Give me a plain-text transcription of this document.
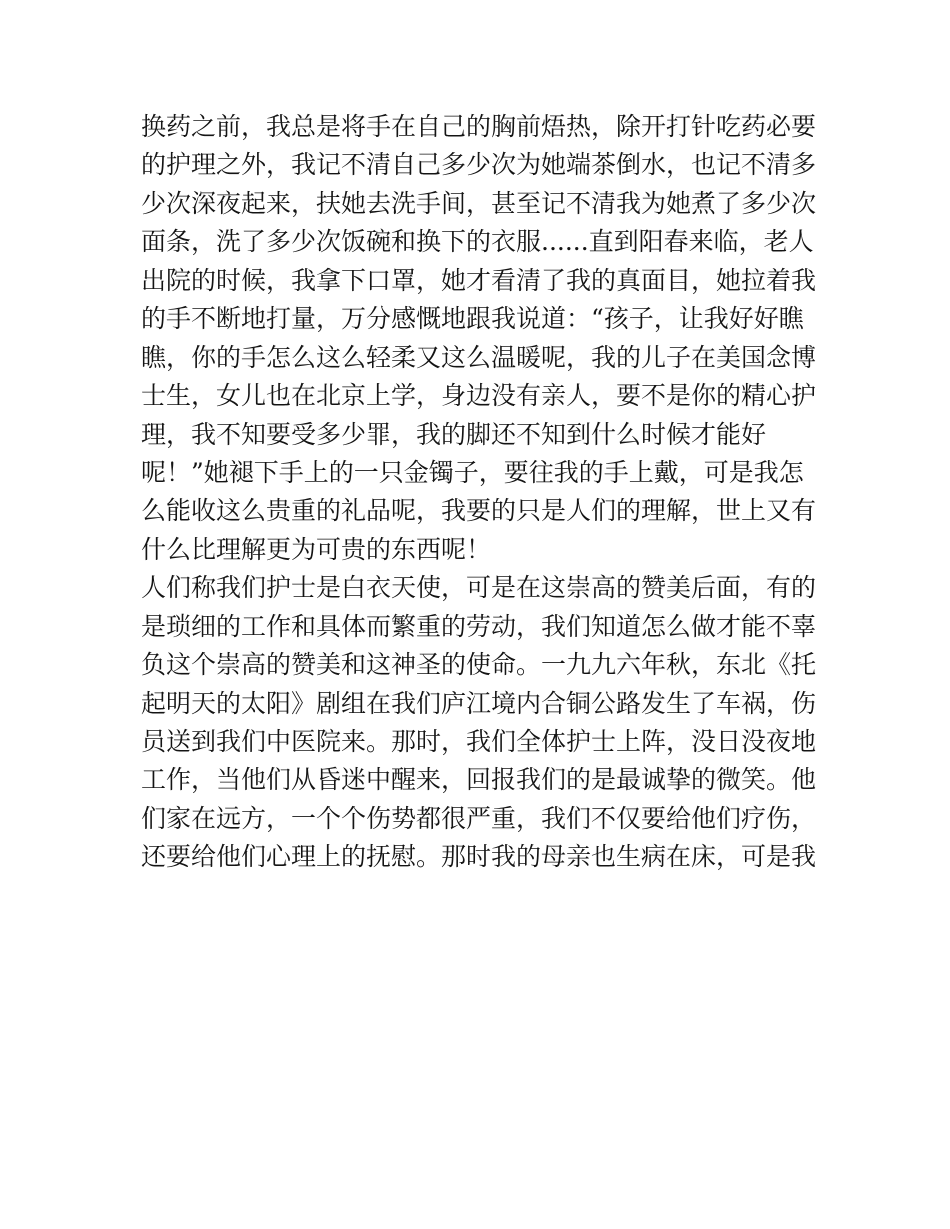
换药之前，我总是将手在自己的胸前焐热，除开打针吃药必要
的护理之外，我记不清自己多少次为她端茶倒水，也记不清多
少次深夜起来，扶她去洗手间，甚至记不清我为她煮了多少次
面条，洗了多少次饭碗和换下的衣服......直到阳春来临，老人
出院的时候，我拿下口罩，她才看清了我的真面目，她拉着我
的手不断地打量，万分感慨地跟我说道：“孩子，让我好好瞧
瞧，你的手怎么这么轻柔又这么温暖呢，我的儿子在美国念博
士生，女儿也在北京上学，身边没有亲人，要不是你的精心护
理，我不知要受多少罪，我的脚还不知到什么时候才能好
呢！”她褪下手上的一只金镯子，要往我的手上戴，可是我怎
么能收这么贵重的礼品呢，我要的只是人们的理解，世上又有
什么比理解更为可贵的东西呢！
人们称我们护士是白衣天使，可是在这崇高的赞美后面，有的
是琐细的工作和具体而繁重的劳动，我们知道怎么做才能不辜
负这个崇高的赞美和这神圣的使命。一九九六年秋，东北《托
起明天的太阳》剧组在我们庐江境内合铜公路发生了车祸，伤
员送到我们中医院来。那时，我们全体护士上阵，没日没夜地
工作，当他们从昏迷中醒来，回报我们的是最诚挚的微笑。他
们家在远方，一个个伤势都很严重，我们不仅要给他们疗伤，
还要给他们心理上的抚慰。那时我的母亲也生病在床，可是我
